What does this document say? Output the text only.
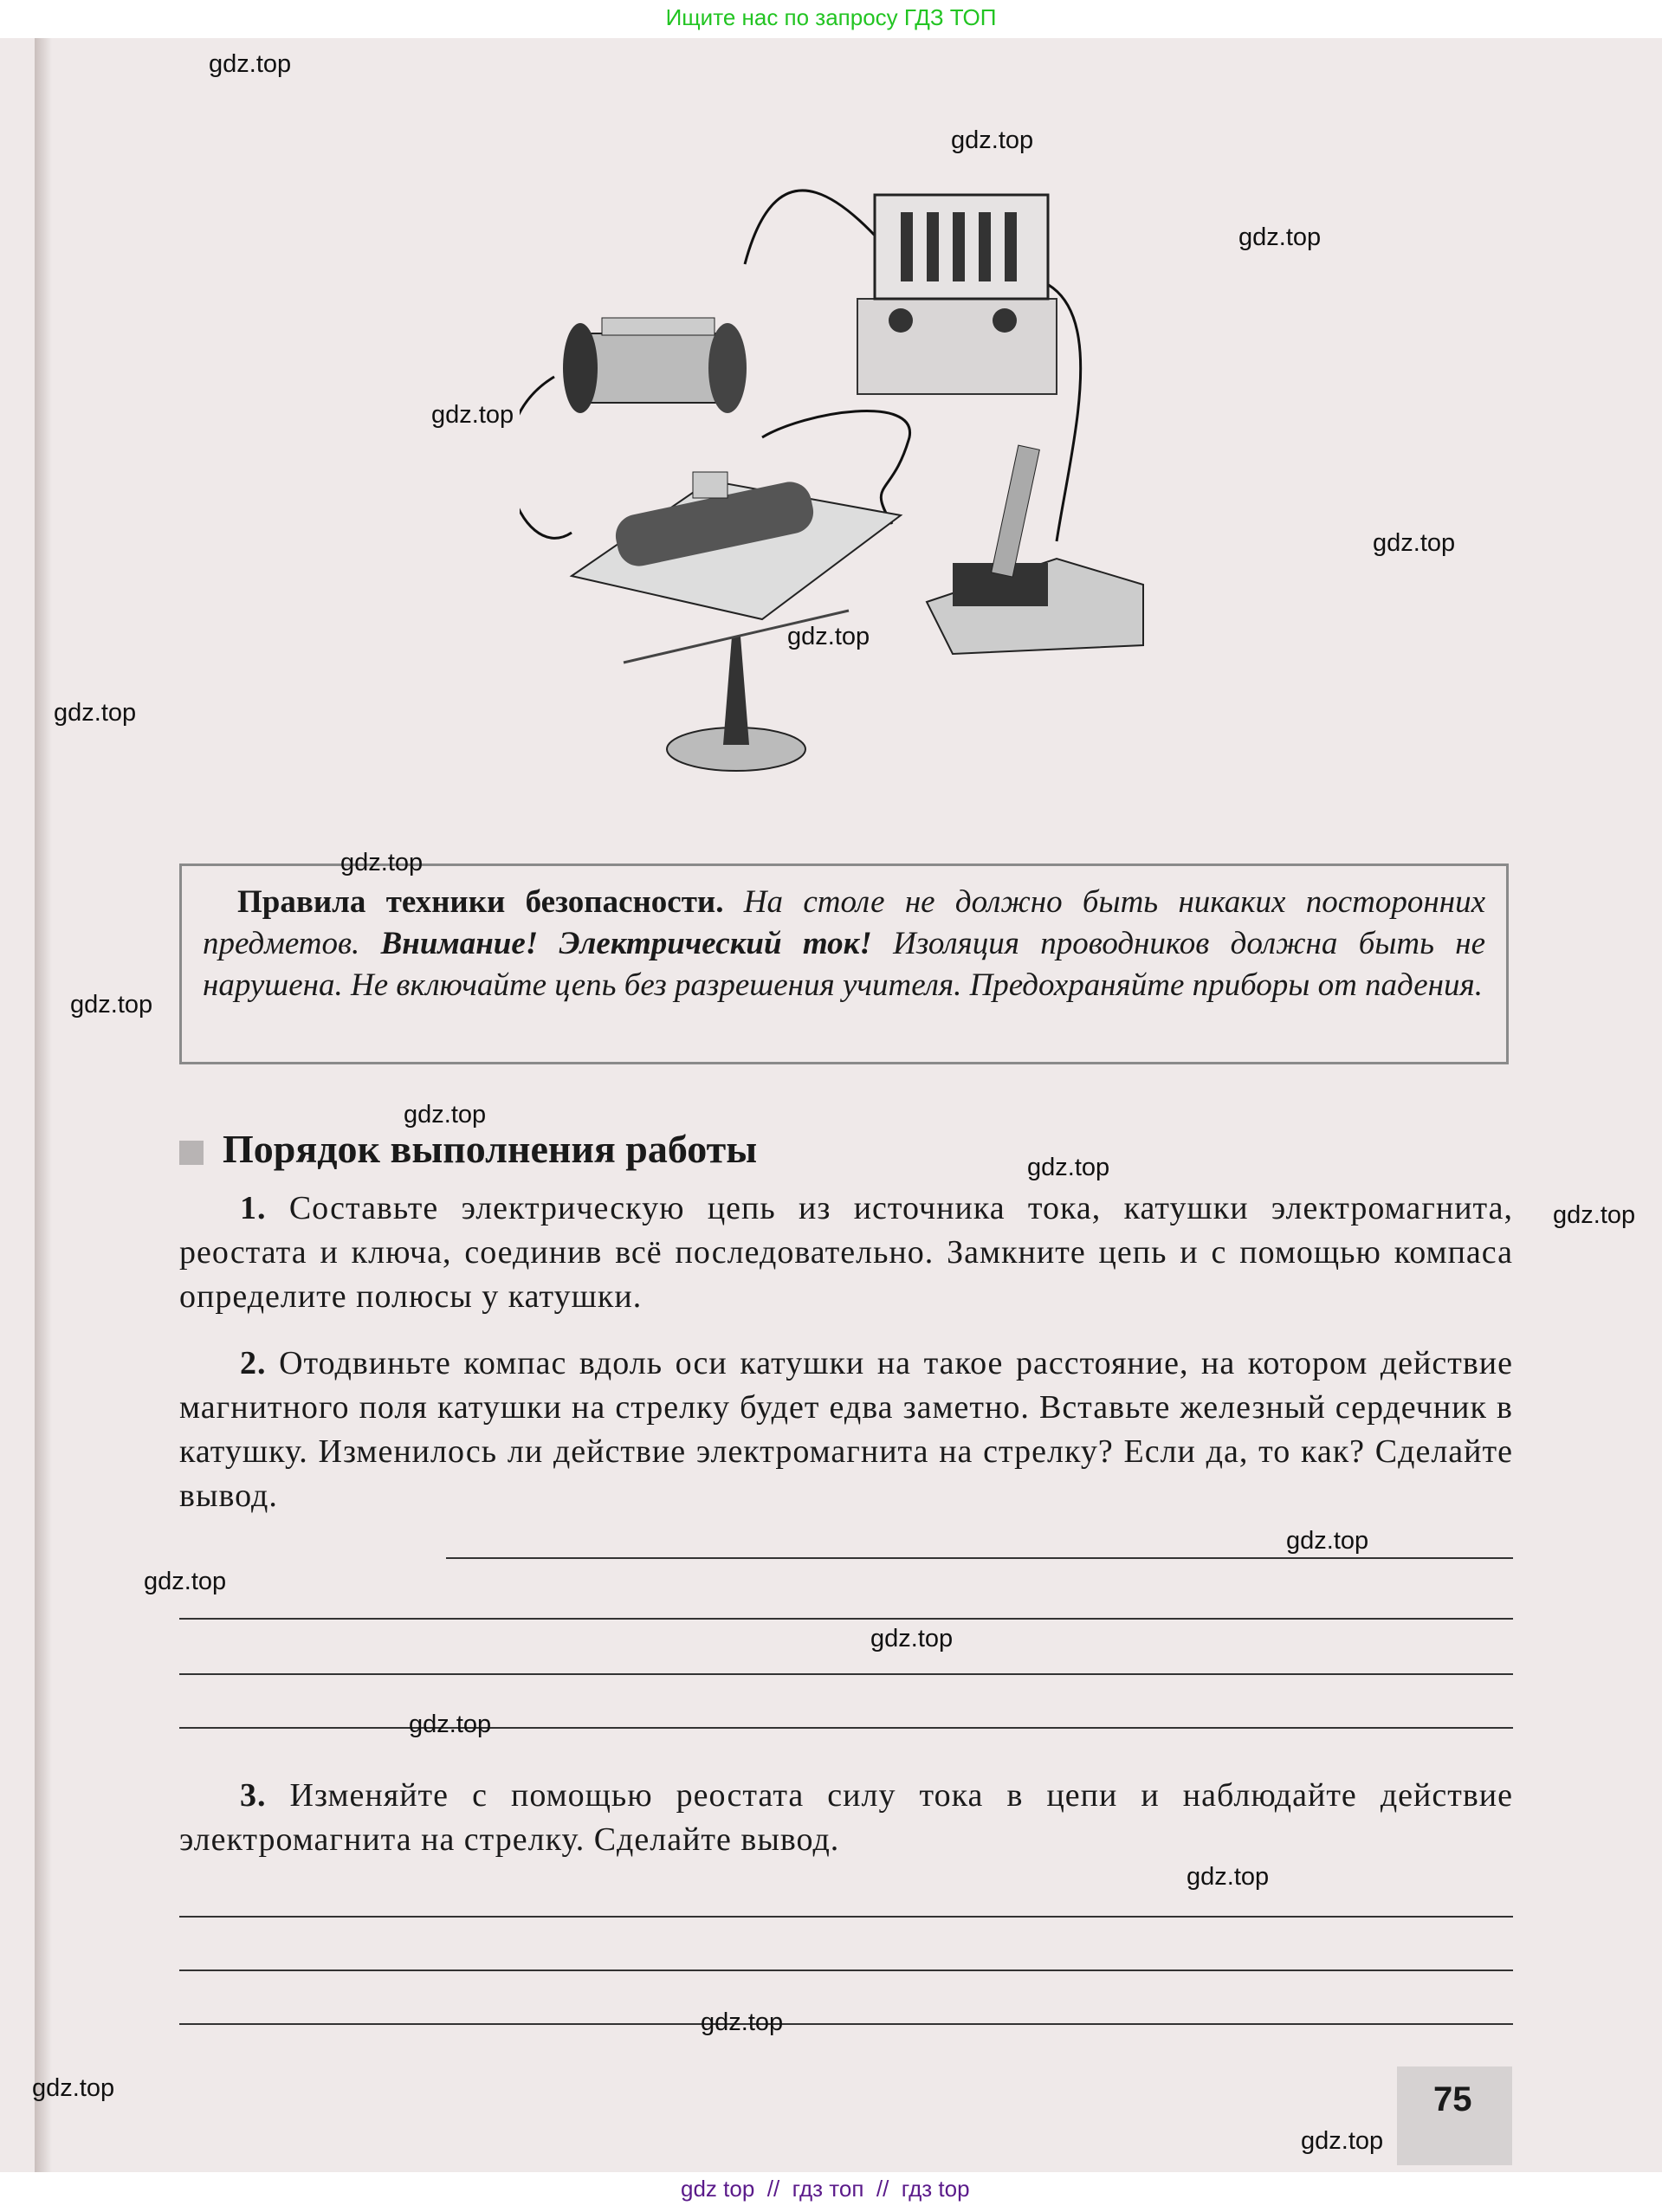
Ищите нас по запросу ГДЗ ТОП
Правила техники безопасности. На столе не должно быть никаких посторонних предметов. Внимание! Электрический ток! Изоляция проводников должна быть не нарушена. Не включайте цепь без разрешения учителя. Предохраняйте приборы от падения.
Порядок выполнения работы
1. Составьте электрическую цепь из источника тока, катушки электромагнита, реостата и ключа, соединив всё последовательно. Замкните цепь и с помощью компаса определите полюсы у катушки.
2. Отодвиньте компас вдоль оси катушки на такое расстояние, на котором действие магнитного поля катушки на стрелку будет едва заметно. Вставьте железный сердечник в катушку. Изменилось ли действие электромагнита на стрелку? Если да, то как? Сделайте вывод.
3. Изменяйте с помощью реостата силу тока в цепи и наблюдайте действие электромагнита на стрелку. Сделайте вывод.
75
gdz.top
gdz.top
gdz.top
gdz.top
gdz.top
gdz.top
gdz.top
gdz.top
gdz.top
gdz.top
gdz.top
gdz.top
gdz.top
gdz.top
gdz.top
gdz.top
gdz.top
gdz.top
gdz.top
gdz.top
gdz top  //  гдз топ  //  гдз top
